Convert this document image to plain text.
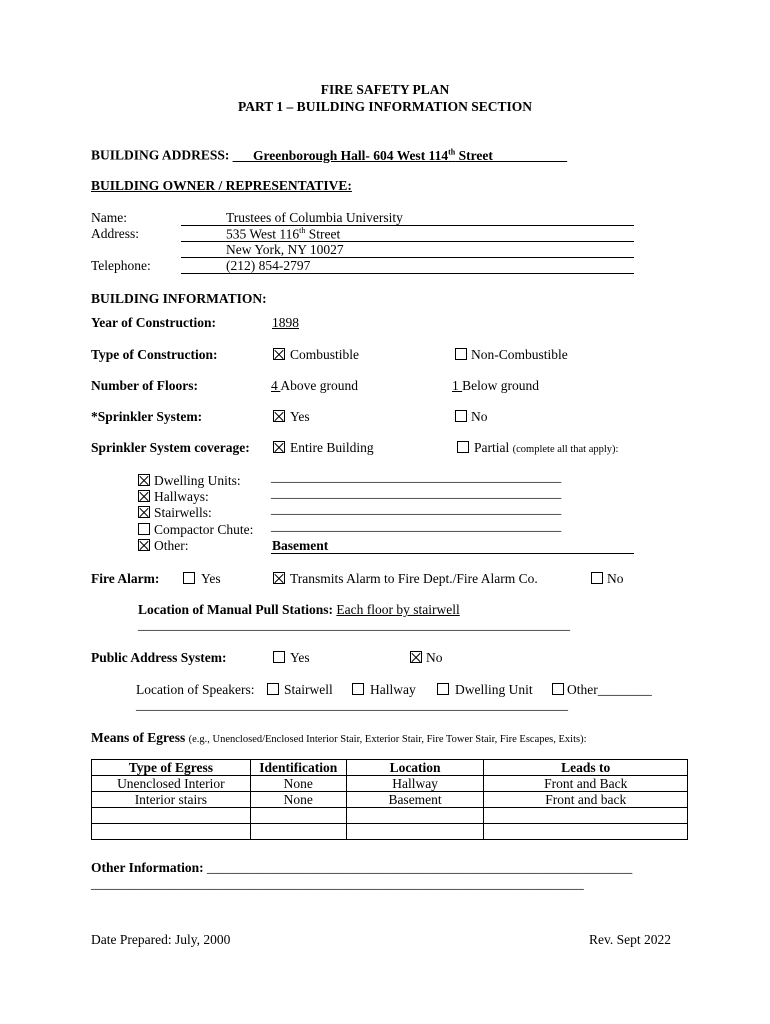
FIRE SAFETY PLAN
PART 1 – BUILDING INFORMATION SECTION
BUILDING ADDRESS: ___Greenborough Hall- 604 West 114th Street___________
BUILDING OWNER / REPRESENTATIVE:
Name:	Trustees of Columbia University
Address:	535 West 116th Street
New York, NY 10027
Telephone:	(212) 854-2797
BUILDING INFORMATION:
Year of Construction:	1898
Type of Construction:	Combustible	Non-Combustible
Number of Floors:	4 Above ground	1 Below ground
*Sprinkler System:	Yes	No
Sprinkler System coverage:	Entire Building	Partial (complete all that apply):
Dwelling Units: ___________________________________________
Hallways:	___________________________________________
Stairwells:	___________________________________________
Compactor Chute: ___________________________________________
Other:	Basement
Fire Alarm:	Yes	Transmits Alarm to Fire Dept./Fire Alarm Co.	No
Location of Manual Pull Stations: Each floor by stairwell
________________________________________________________________
Public Address System:	Yes	No
Location of Speakers: Stairwell	Hallway	Dwelling Unit	Other________
________________________________________________________________
Means of Egress (e.g., Unenclosed/Enclosed Interior Stair, Exterior Stair, Fire Tower Stair, Fire Escapes, Exits):
Type of Egress	Identification	Location	Leads to
Unenclosed Interior	None	Hallway	Front and Back
Interior stairs	None	Basement	Front and back

Other Information: _______________________________________________________________
_________________________________________________________________________
Date Prepared: July, 2000	Rev. Sept 2022
